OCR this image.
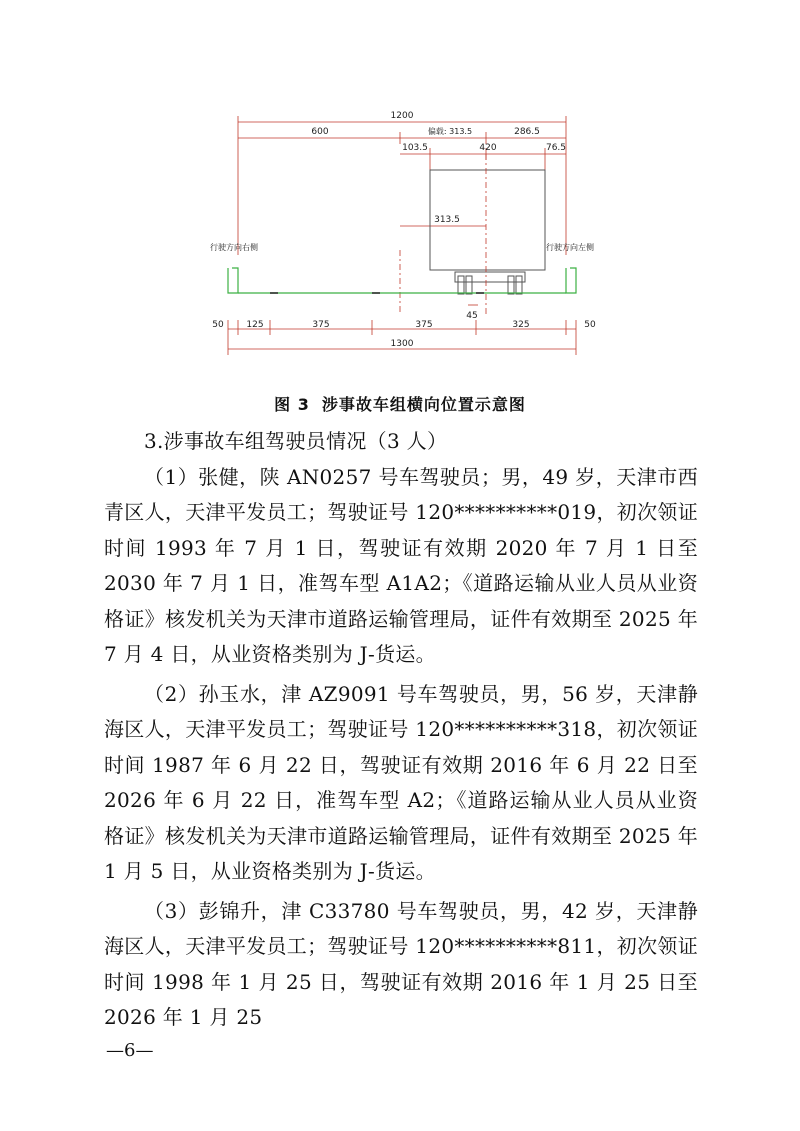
1200
600	偏载: 313.5	286.5
103.5	420	76.5
313.5
行驶方向右侧	行驶方向左侧
45
50	125	375	375	325	50
1300
图 3 涉事故车组横向位置示意图

3.涉事故车组驾驶员情况（3 人）

（1）张健，陕 AN0257 号车驾驶员；男，49 岁，天津市西青区人，天津平发员工；驾驶证号 120**********019，初次领证时间 1993 年 7 月 1 日，驾驶证有效期 2020 年 7 月 1 日至 2030 年 7 月 1 日，准驾车型 A1A2；《道路运输从业人员从业资格证》核发机关为天津市道路运输管理局，证件有效期至 2025 年 7 月 4 日，从业资格类别为 J-货运。

（2）孙玉水，津 AZ9091 号车驾驶员，男，56 岁，天津静海区人，天津平发员工；驾驶证号 120**********318，初次领证时间 1987 年 6 月 22 日，驾驶证有效期 2016 年 6 月 22 日至 2026 年 6 月 22 日，准驾车型 A2；《道路运输从业人员从业资格证》核发机关为天津市道路运输管理局，证件有效期至 2025 年 1 月 5 日，从业资格类别为 J-货运。

（3）彭锦升，津 C33780 号车驾驶员，男，42 岁，天津静海区人，天津平发员工；驾驶证号 120**********811，初次领证时间 1998 年 1 月 25 日，驾驶证有效期 2016 年 1 月 25 日至 2026 年 1 月 25

—6—
